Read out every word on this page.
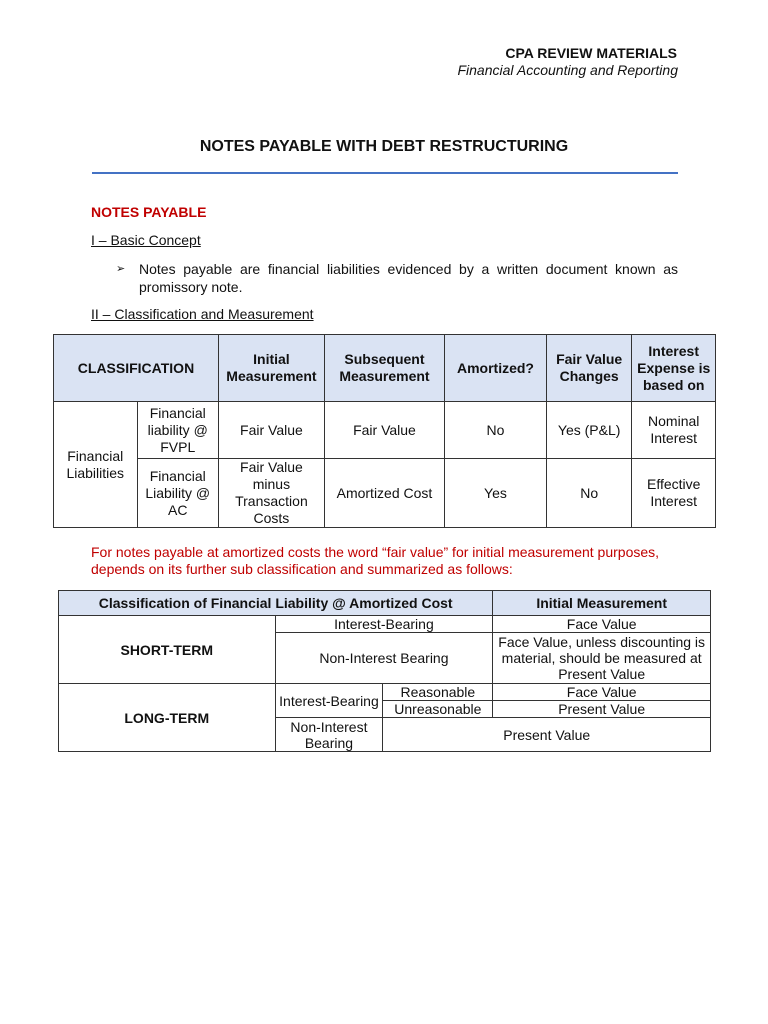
CPA REVIEW MATERIALS
Financial Accounting and Reporting
NOTES PAYABLE WITH DEBT RESTRUCTURING
NOTES PAYABLE
I – Basic Concept
➢ Notes payable are financial liabilities evidenced by a written document known as promissory note.
II – Classification and Measurement
CLASSIFICATION		Initial Measurement	Subsequent Measurement	Amortized?	Fair Value Changes	Interest Expense is based on
Financial Liabilities	Financial liability @ FVPL	Fair Value	Fair Value	No	Yes (P&L)	Nominal Interest
	Financial Liability @ AC	Fair Value minus Transaction Costs	Amortized Cost	Yes	No	Effective Interest
For notes payable at amortized costs the word “fair value” for initial measurement purposes, depends on its further sub classification and summarized as follows:
Classification of Financial Liability @ Amortized Cost			Initial Measurement
SHORT-TERM	Interest-Bearing		Face Value
	Non-Interest Bearing		Face Value, unless discounting is material, should be measured at Present Value
LONG-TERM	Interest-Bearing	Reasonable	Face Value
		Unreasonable	Present Value
	Non-Interest Bearing	Present Value	
